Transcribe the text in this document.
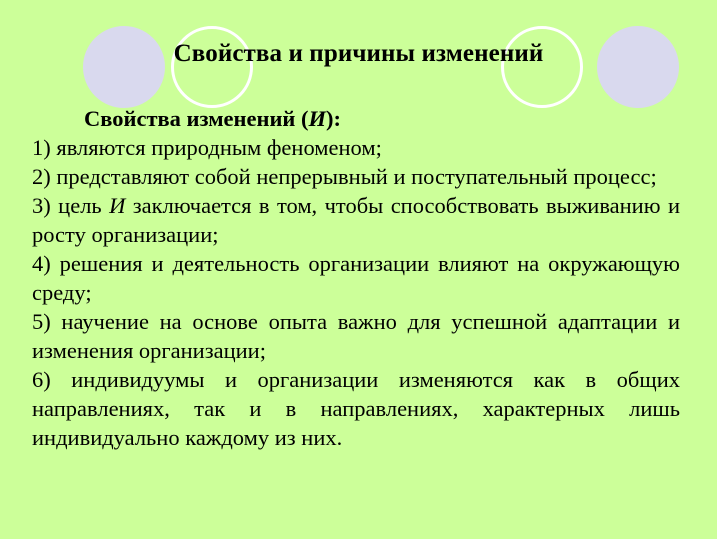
Свойства и причины изменений

Свойства изменений (И):

1) являются природным феноменом;

2) представляют собой непрерывный и поступательный процесс;

3) цель И заключается в том, чтобы способствовать выживанию и росту организации;

4) решения и деятельность организации влияют на окружающую среду;

5) научение на основе опыта важно для успешной адаптации и изменения организации;

6) индивидуумы и организации изменяются как в общих направлениях, так и в направлениях, характерных лишь индивидуально каждому из них.
